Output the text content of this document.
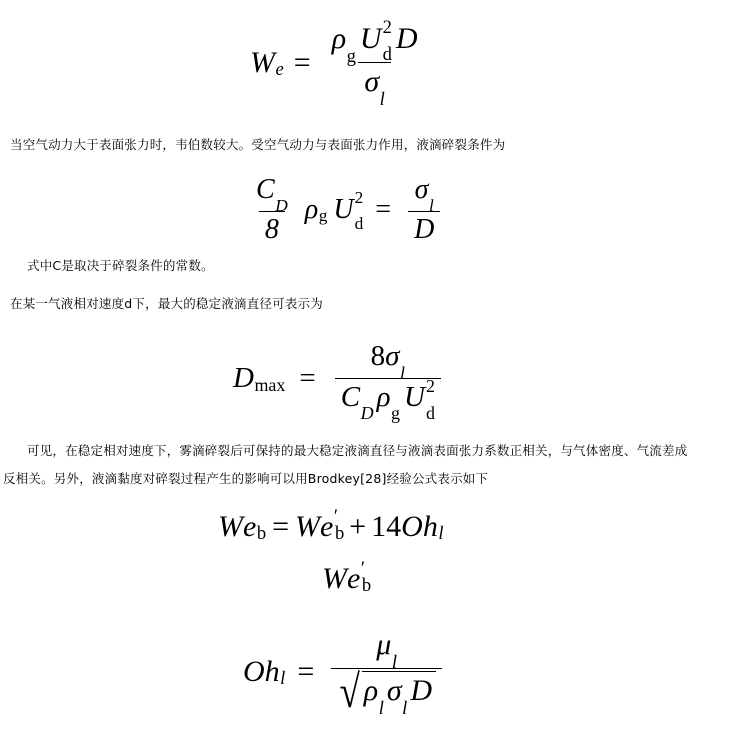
W $e = \rho_gU$ 2
d D
$\sigma_l$
当空气动力大于表面张力时，韦伯数较大。受空气动力与表面张力作用，液滴碎裂条件为
$\frac{C_D}{8}$ ρ g U 2
$d = \frac{\sigma_l}{D}$
式中C是取决于碎裂条件的常数。
在某一气液相对速度d下，最大的稳定液滴直径可表示为
D $\max = 8\sigma_l$
$C_D\rho_gU$ 2
d
可见，在稳定相对速度下，雾滴碎裂后可保持的最大稳定液滴直径与液滴表面张力系数正相关，与气体密度、气流差成
反相关。另外，液滴黏度对碎裂过程产生的影响可以用Brodkey[28]经验公式表示如下
W e b = W e ′
b + 14 O h l
W e ′
b
O h $l = \frac{\mu_l}{√ \rho_l\sigma_lD}$
